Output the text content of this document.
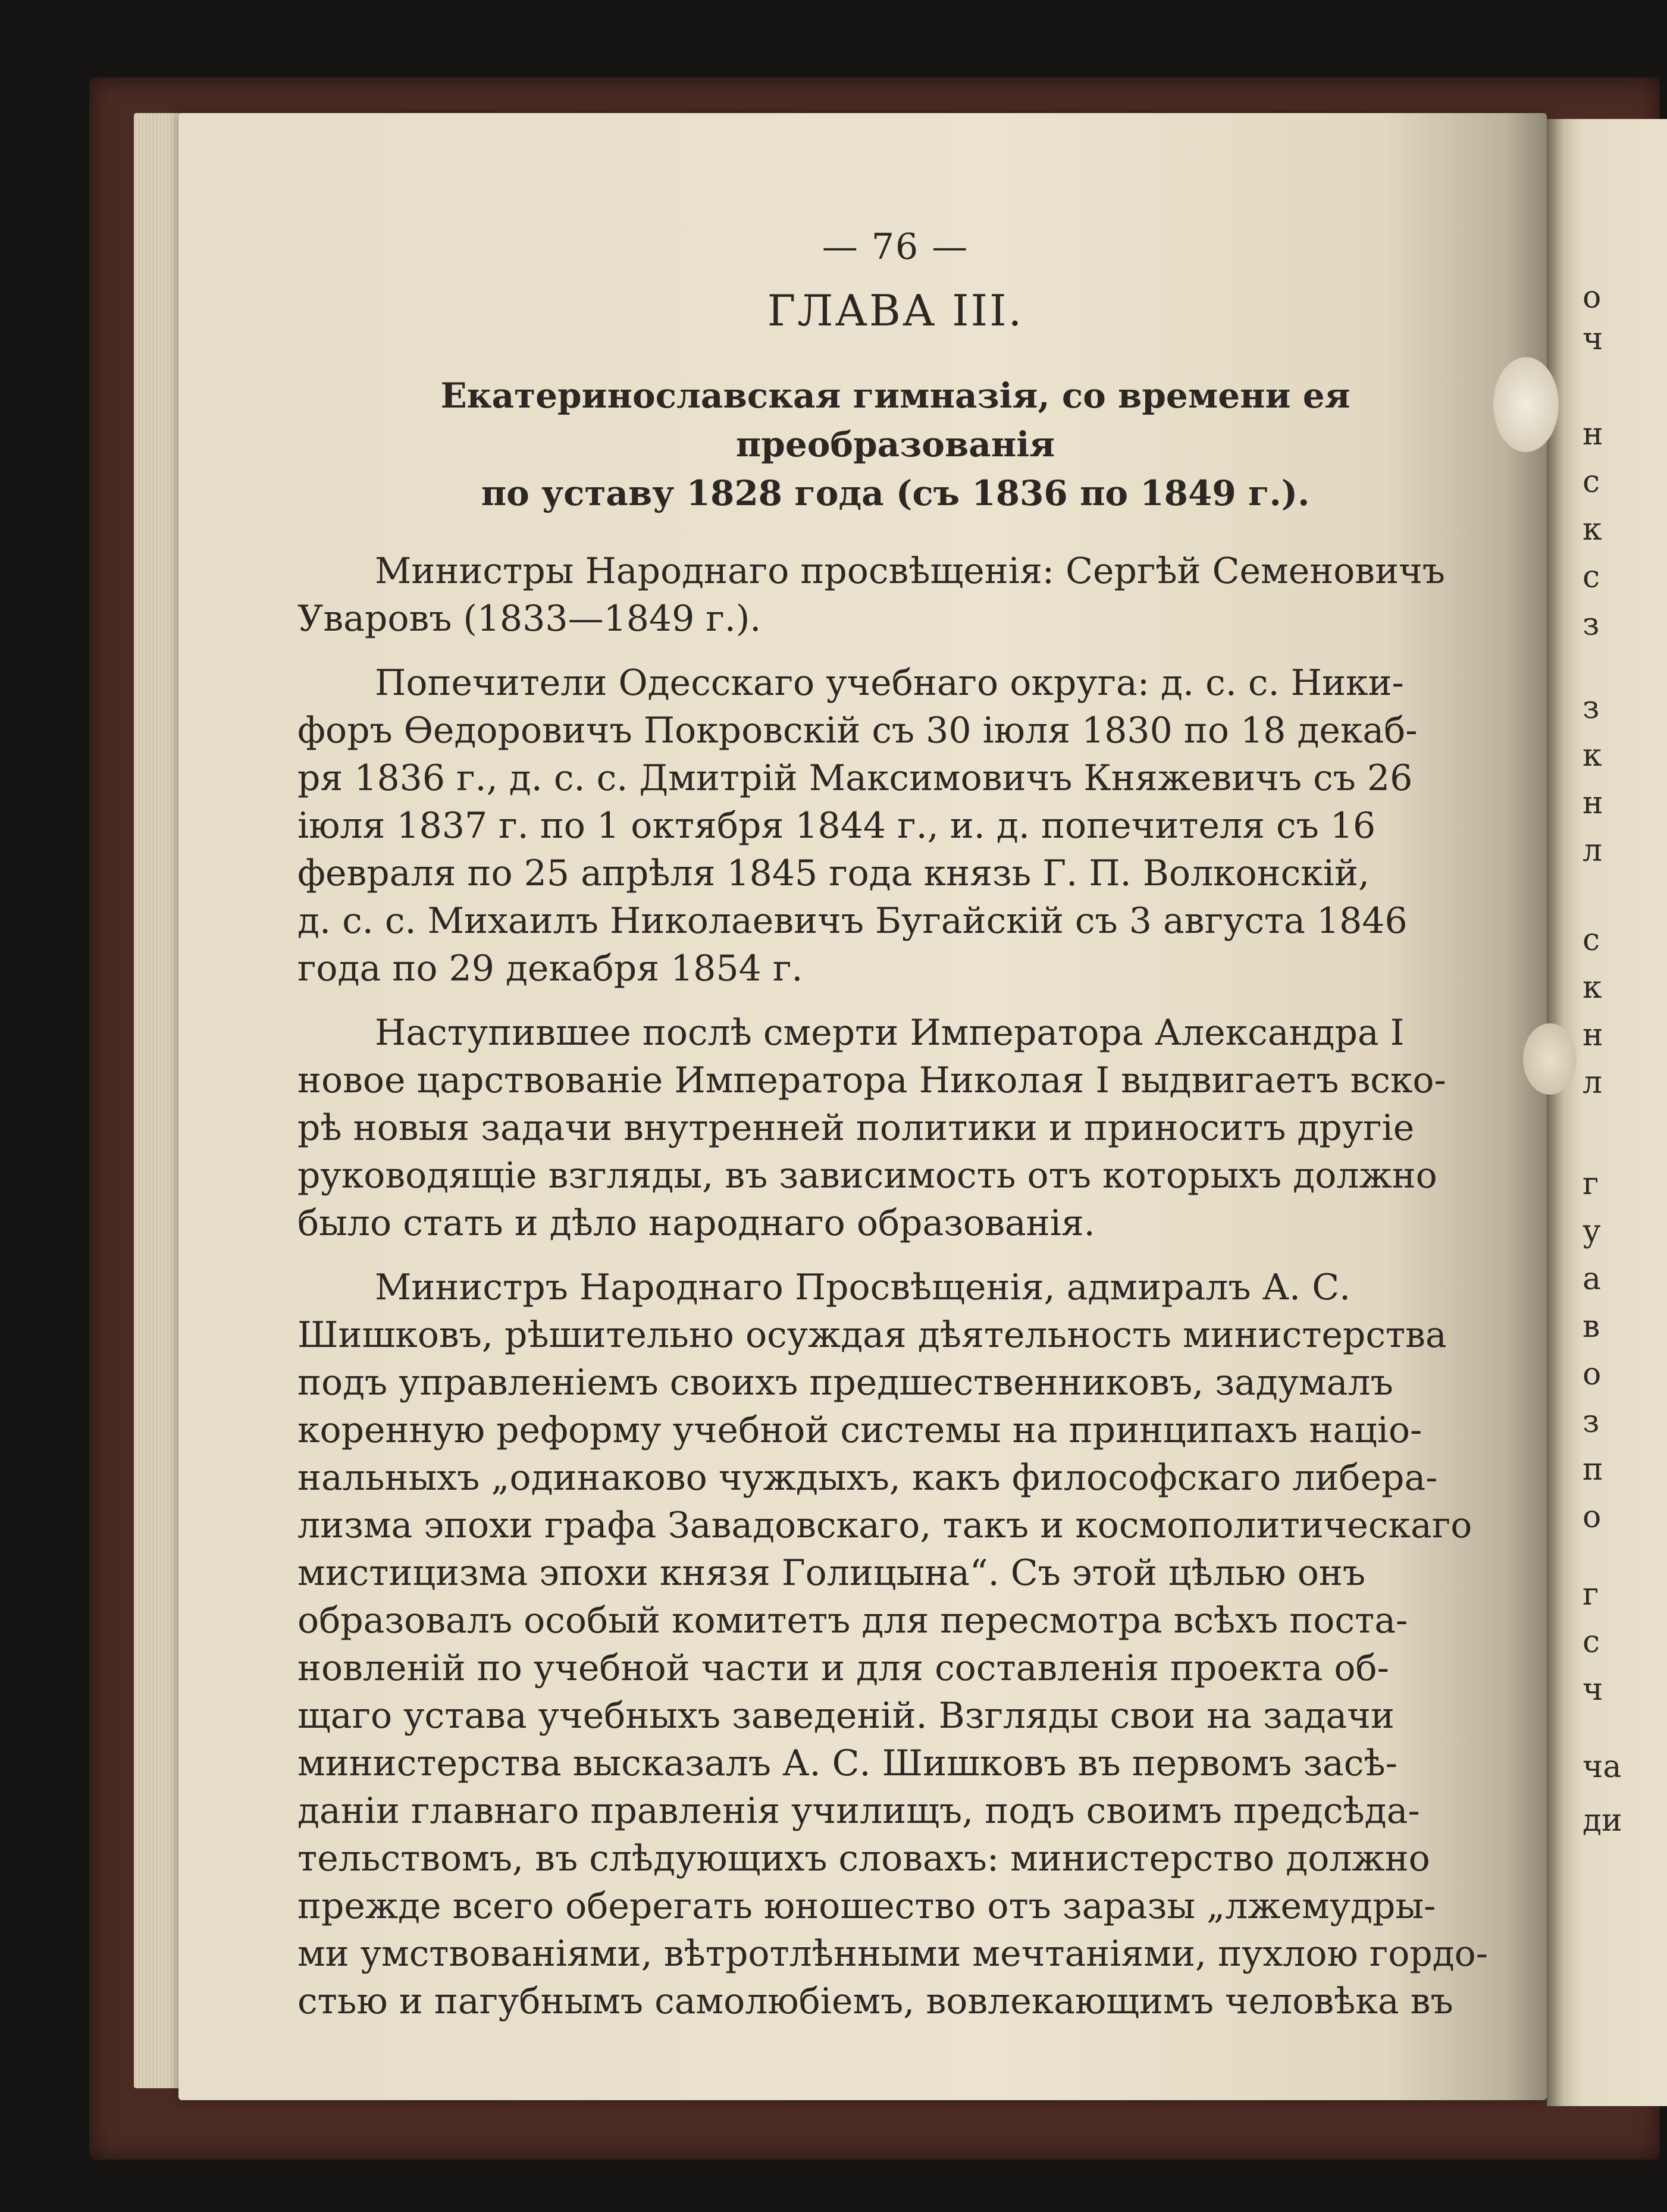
о
ч
н
с
к
с
з
з
к
н
л
с
к
н
л
г
у
а
в
о
з
п
о
г
с
ч
ча
ди
— 76 —
ГЛАВА III.
Екатеринославская гимназія, со времени ея преобразованія
по уставу 1828 года (съ 1836 по 1849 г.).
Министры Народнаго просвѣщенія: Сергѣй Семеновичъ
Уваровъ (1833—1849 г.).
Попечители Одесскаго учебнаго округа: д. с. с. Ники-
форъ Ѳедоровичъ Покровскій съ 30 іюля 1830 по 18 декаб-
ря 1836 г., д. с. с. Дмитрій Максимовичъ Княжевичъ съ 26
іюля 1837 г. по 1 октября 1844 г., и. д. попечителя съ 16
февраля по 25 апрѣля 1845 года князь Г. П. Волконскій,
д. с. с. Михаилъ Николаевичъ Бугайскій съ 3 августа 1846
года по 29 декабря 1854 г.
Наступившее послѣ смерти Императора Александра I
новое царствованіе Императора Николая I выдвигаетъ вско-
рѣ новыя задачи внутренней политики и приноситъ другіе
руководящіе взгляды, въ зависимость отъ которыхъ должно
было стать и дѣло народнаго образованія.
Министръ Народнаго Просвѣщенія, адмиралъ А. С.
Шишковъ, рѣшительно осуждая дѣятельность министерства
подъ управленіемъ своихъ предшественниковъ, задумалъ
коренную реформу учебной системы на принципахъ націо-
нальныхъ „одинаково чуждыхъ, какъ философскаго либера-
лизма эпохи графа Завадовскаго, такъ и космополитическаго
мистицизма эпохи князя Голицына“. Съ этой цѣлью онъ
образовалъ особый комитетъ для пересмотра всѣхъ поста-
новленій по учебной части и для составленія проекта об-
щаго устава учебныхъ заведеній. Взгляды свои на задачи
министерства высказалъ А. С. Шишковъ въ первомъ засѣ-
даніи главнаго правленія училищъ, подъ своимъ предсѣда-
тельствомъ, въ слѣдующихъ словахъ: министерство должно
прежде всего оберегать юношество отъ заразы „лжемудры-
ми умствованіями, вѣтротлѣнными мечтаніями, пухлою гордо-
стью и пагубнымъ самолюбіемъ, вовлекающимъ человѣка въ
